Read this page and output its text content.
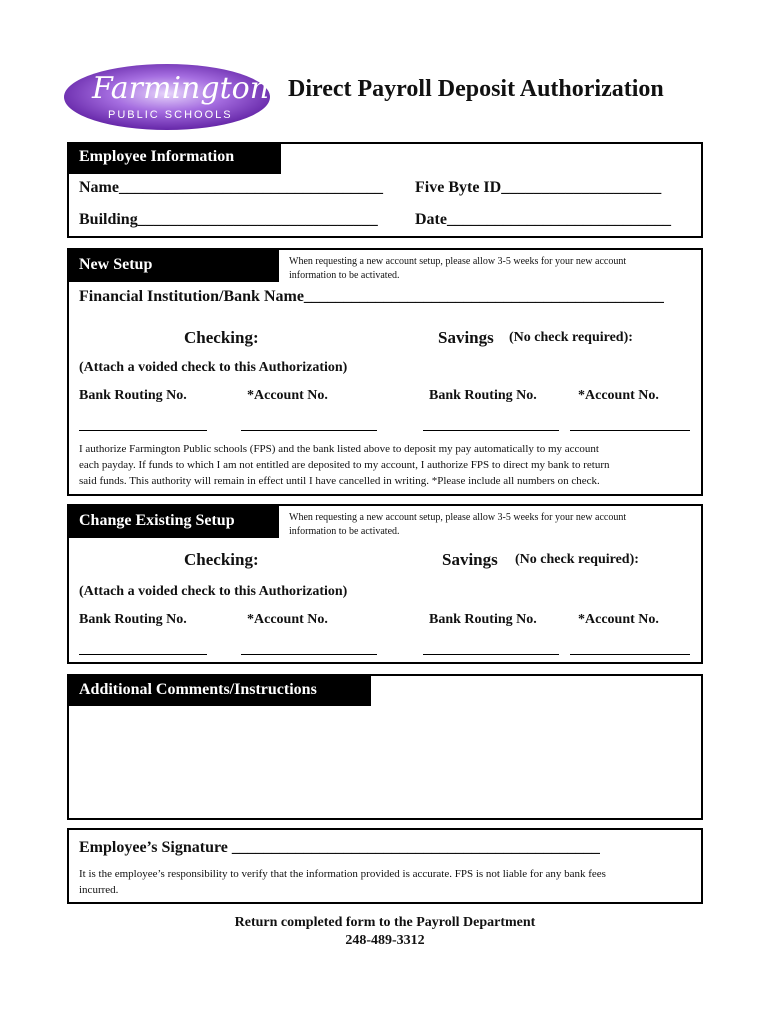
Farmington
PUBLIC SCHOOLS
Direct Payroll Deposit Authorization
Employee Information
Name_________________________________ Five Byte ID____________________
Building______________________________ Date____________________________
New Setup	When requesting a new account setup, please allow 3-5 weeks for your new account
information to be activated.
Financial Institution/Bank Name_____________________________________________
Checking:	Savings (No check required):
(Attach a voided check to this Authorization)
Bank Routing No.	*Account No.	Bank Routing No.	*Account No.
I authorize Farmington Public schools (FPS) and the bank listed above to deposit my pay automatically to my account
each payday. If funds to which I am not entitled are deposited to my account, I authorize FPS to direct my bank to return
said funds. This authority will remain in effect until I have cancelled in writing. *Please include all numbers on check.
Change Existing Setup	When requesting a new account setup, please allow 3-5 weeks for your new account
information to be activated.
Checking:	Savings (No check required):
(Attach a voided check to this Authorization)
Bank Routing No.	*Account No.	Bank Routing No.	*Account No.
Additional Comments/Instructions
Employee’s Signature ______________________________________________
It is the employee’s responsibility to verify that the information provided is accurate. FPS is not liable for any bank fees
incurred.
Return completed form to the Payroll Department
248-489-3312
